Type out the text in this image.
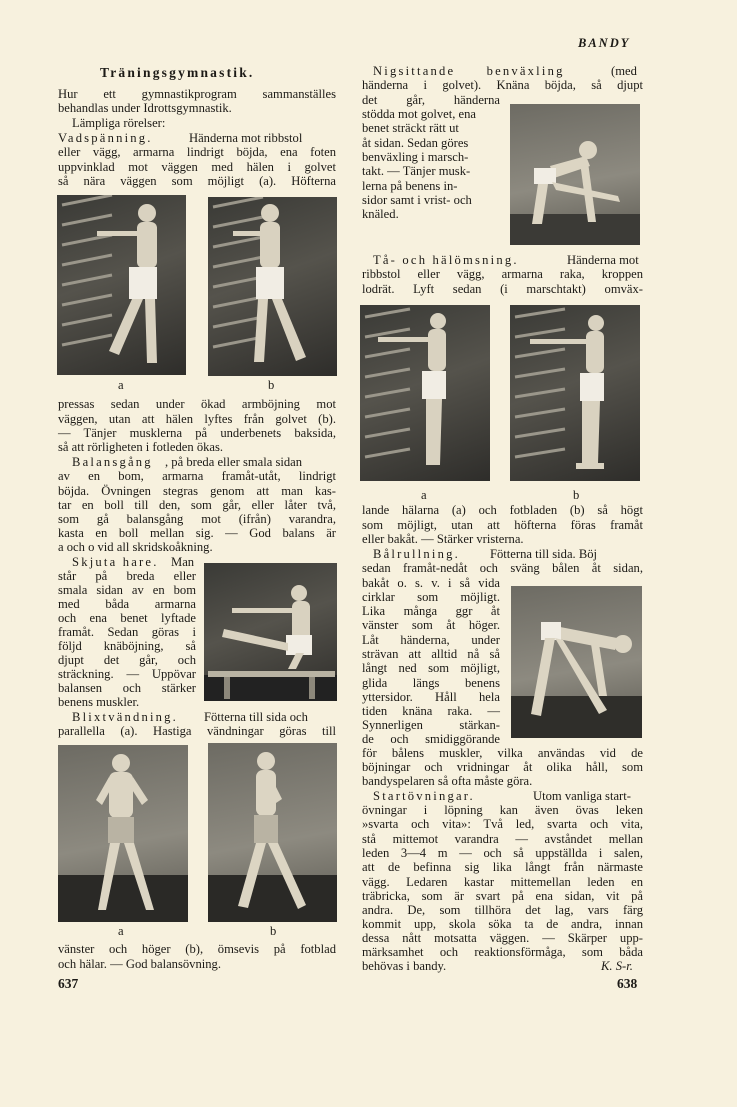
BANDY
Träningsgymnastik.
Hur ett gymnastikprogram sammanställes
behandlas under Idrottsgymnastik.
Lämpliga rörelser:
Vadspänning.	Händerna mot ribbstol
eller vägg, armarna lindrigt böjda, ena foten
uppvinklad mot väggen med hälen i golvet
så nära väggen som möjligt (a). Höfterna
a	b
pressas sedan under ökad armböjning mot
väggen, utan att hälen lyftes från golvet (b).
— Tänjer musklerna på underbenets baksida,
så att rörligheten i fotleden ökas.
Balansgång , på breda eller smala sidan
av en bom, armarna framåt-utåt, lindrigt
böjda. Övningen stegras genom att man kas-
tar en boll till den, som går, eller låter två,
som gå balansgång mot (ifrån) varandra,
kasta en boll mellan sig. — God balans är
a och o vid all skridskoåkning.
Skjuta hare. Man
står på breda eller
smala sidan av en bom
med båda armarna
och ena benet lyftade
framåt. Sedan göras i
följd knäböjning, så
djupt det går, och
sträckning. — Uppövar
balansen och stärker
benens muskler.
Blixtvändning. Fötterna till sida och
parallella (a). Hastiga vändningar göras till
a	b
vänster och höger (b), ömsevis på fotblad
och hälar. — God balansövning.
637
Nigsittande benväxling	(med
händerna i golvet). Knäna böjda, så djupt
det går, händerna
stödda mot golvet, ena
benet sträckt rätt ut
åt sidan. Sedan göres
benväxling i marsch-
takt. — Tänjer musk-
lerna på benens in-
sidor samt i vrist- och
knäled.
Tå- och hälömsning.	Händerna mot
ribbstol eller vägg, armarna raka, kroppen
lodrät. Lyft sedan (i marschtakt) omväx-
a	b
lande hälarna (a) och fotbladen (b) så högt
som möjligt, utan att höfterna föras framåt
eller bakåt. — Stärker vristerna.
Bålrullning. Fötterna till sida. Böj
sedan framåt-nedåt och sväng bålen åt sidan,
bakåt o. s. v. i så vida
cirklar som möjligt.
Lika många ggr åt
vänster som åt höger.
Låt händerna, under
strävan att alltid nå så
långt ned som möjligt,
glida längs benens
yttersidor. Håll hela
tiden knäna raka. —
Synnerligen stärkan-
de och smidiggörande
för bålens muskler, vilka användas vid de
böjningar och vridningar åt olika håll, som
bandyspelaren så ofta måste göra.
Startövningar.	Utom vanliga start-
övningar i löpning kan även övas leken
»svarta och vita»: Två led, svarta och vita,
stå mittemot varandra — avståndet mellan
leden 3—4 m — och så uppställda i salen,
att de befinna sig lika långt från närmaste
vägg. Ledaren kastar mittemellan leden en
träbricka, som är svart på ena sidan, vit på
andra. De, som tillhöra det lag, vars färg
kommit upp, skola söka ta de andra, innan
dessa nått motsatta väggen. — Skärper upp-
märksamhet och reaktionsförmåga, som båda
behövas i bandy.	K. S-r.
638
